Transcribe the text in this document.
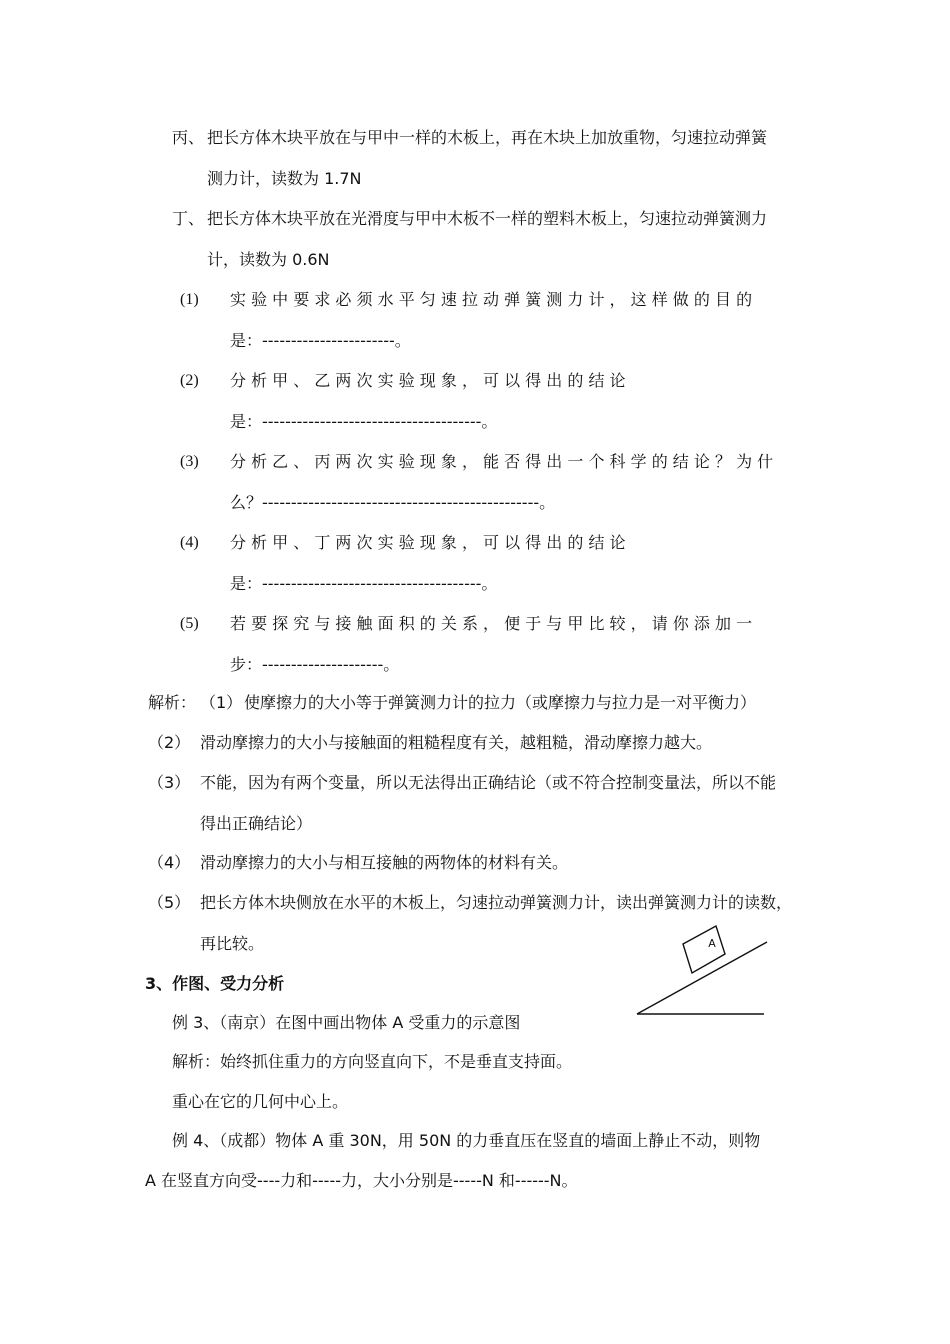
丙、 把长方体木块平放在与甲中一样的木板上，再在木块上加放重物，匀速拉动弹簧
测力计，读数为 1.7N
丁、 把长方体木块平放在光滑度与甲中木板不一样的塑料木板上，匀速拉动弹簧测力
计，读数为 0.6N
(1) 实 验 中 要 求 必 须 水 平 匀 速 拉 动 弹 簧 测 力 计 ， 这 样 做 的 目 的
是：-----------------------。
(2) 分 析 甲 、 乙 两 次 实 验 现 象 ， 可 以 得 出 的 结 论
是：--------------------------------------。
(3) 分 析 乙 、 丙 两 次 实 验 现 象 ， 能 否 得 出 一 个 科 学 的 结 论 ？ 为 什
么？------------------------------------------------。
(4) 分 析 甲 、 丁 两 次 实 验 现 象 ， 可 以 得 出 的 结 论
是：--------------------------------------。
(5) 若 要 探 究 与 接 触 面 积 的 关 系 ， 便 于 与 甲 比 较 ， 请 你 添 加 一
步：---------------------。
解析： （1） 使摩擦力的大小等于弹簧测力计的拉力（或摩擦力与拉力是一对平衡力）
（2） 滑动摩擦力的大小与接触面的粗糙程度有关，越粗糙，滑动摩擦力越大。
（3） 不能，因为有两个变量，所以无法得出正确结论（或不符合控制变量法，所以不能
得出正确结论）
（4） 滑动摩擦力的大小与相互接触的两物体的材料有关。
（5） 把长方体木块侧放在水平的木板上，匀速拉动弹簧测力计，读出弹簧测力计的读数，
再比较。
3、作图、受力分析
例 3、（南京）在图中画出物体 A 受重力的示意图
解析：始终抓住重力的方向竖直向下，不是垂直支持面。
重心在它的几何中心上。
例 4、（成都）物体 A 重 30N，用 50N 的力垂直压在竖直的墙面上静止不动，则物
A 在竖直方向受----力和-----力，大小分别是-----N 和------N。
A
